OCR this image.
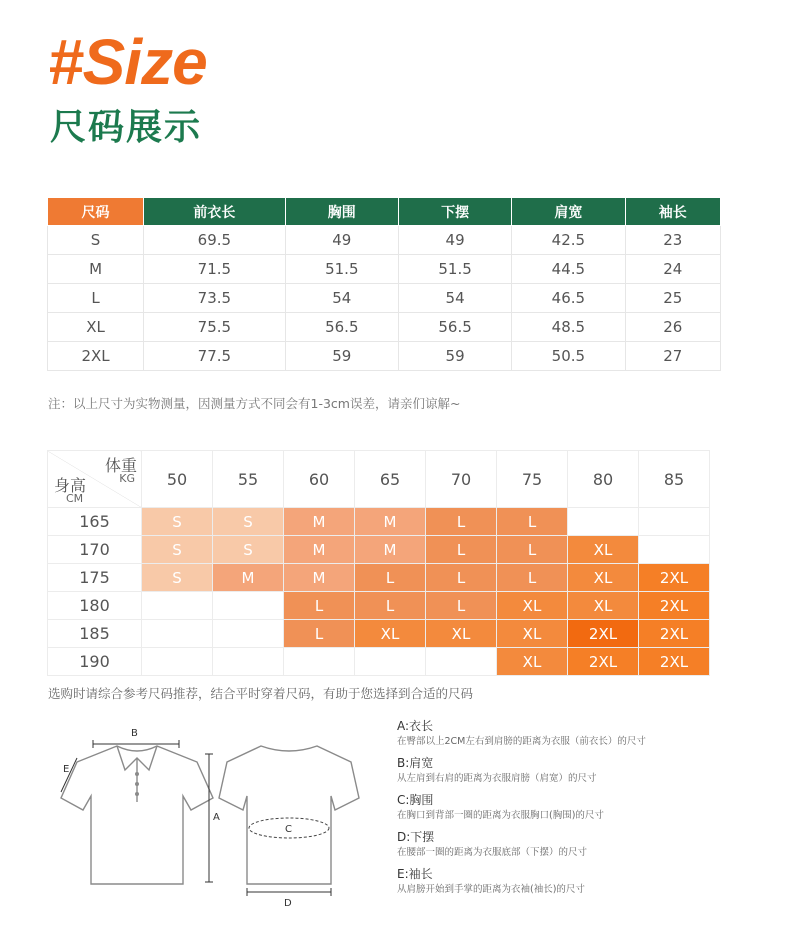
#Size
尺码展示
尺码	前衣长	胸围	下摆	肩宽	袖长
S	69.5	49	49	42.5	23
M	71.5	51.5	51.5	44.5	24
L	73.5	54	54	46.5	25
XL	75.5	56.5	56.5	48.5	26
2XL	77.5	59	59	50.5	27
注：以上尺寸为实物测量，因测量方式不同会有1-3cm误差，请亲们谅解~
体重
KG
身高
CM	50	55	60	65	70	75	80	85
165	S	S	M	M	L	L		
170	S	S	M	M	L	L	XL	
175	S	M	M	L	L	L	XL	2XL
180			L	L	L	XL	XL	2XL
185			L	XL	XL	XL	2XL	2XL
190						XL	2XL	2XL
选购时请综合参考尺码推荐，结合平时穿着尺码，有助于您选择到合适的尺码
B
E
A
C
D
A:衣长
在臀部以上2CM左右到肩膀的距离为衣服（前衣长）的尺寸
B:肩宽
从左肩到右肩的距离为衣服肩膀（肩宽）的尺寸
C:胸围
在胸口到背部一圈的距离为衣服胸口(胸围)的尺寸
D:下摆
在腰部一圈的距离为衣服底部（下摆）的尺寸
E:袖长
从肩膀开始到手掌的距离为衣袖(袖长)的尺寸
